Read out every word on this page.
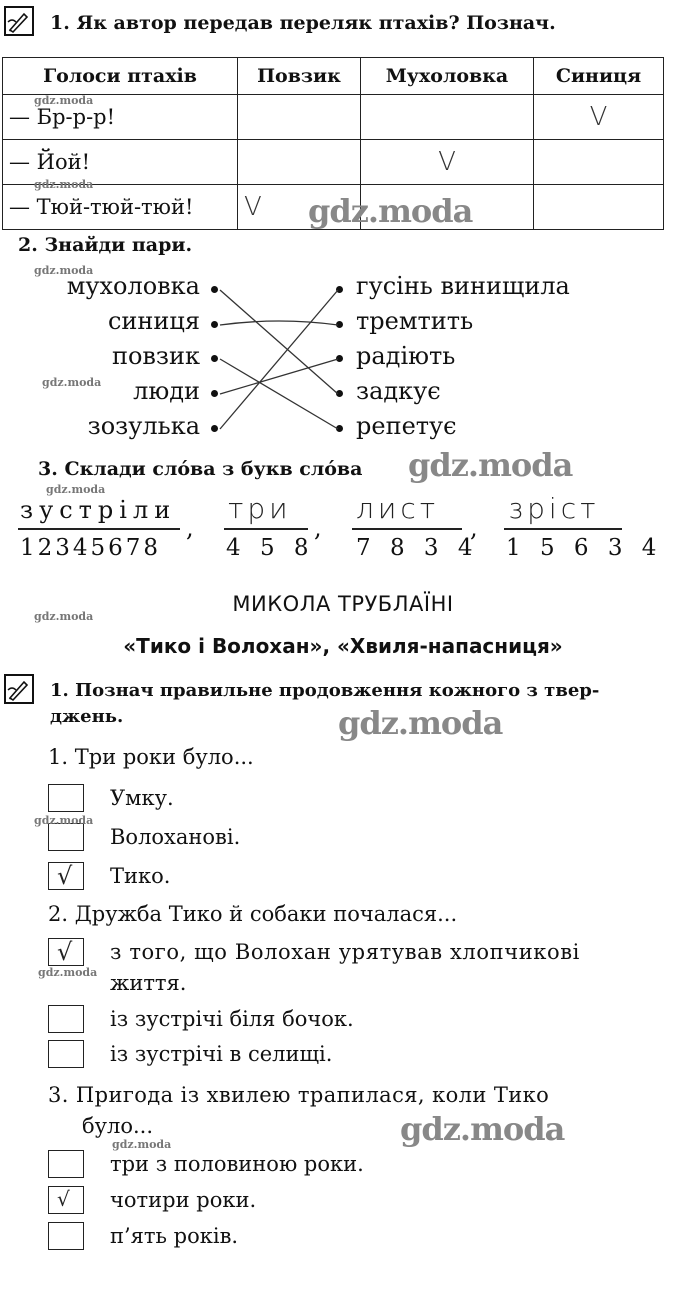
1. Як автор передав переляк птахів? Познач.
Голоси птахів	Повзик	Мухоловка	Синиця
— Бр-р-р!			V
— Йой!		V	
— Тюй-тюй-тюй!	V		
2. Знайди пари.
мухоловка
синиця
повзик
люди
зозулька
гусінь винищила
тремтить
радіють
задкує
репетує
3. Склади сло́ва з букв сло́ва
зустріли
12345678
,
три
4 5 8
,
лист
7 8 3 4
,
зріст
1 5 6 3 4
МИКОЛА ТРУБЛАЇНІ
«Тико і Волохан», «Хвиля-напасниця»
1. Познач правильне продовження кожного з твер-
джень.
1. Три роки було...
Умку.
Волохановi.
√ Тико.
2. Дружба Тико й собаки почалася...
√ з того, що Волохан урятував хлопчикові
життя.
із зустрічі біля бочок.
із зустрічі в селищі.
3. Пригода із хвилею трапилася, коли Тико
було...
три з половиною роки.
√ чотири роки.
п’ять років.
gdz.moda
gdz.moda
gdz.moda
gdz.moda
gdz.moda
gdz.moda
gdz.moda
gdz.moda
gdz.moda
gdz.moda
gdz.moda
gdz.moda
gdz.moda
